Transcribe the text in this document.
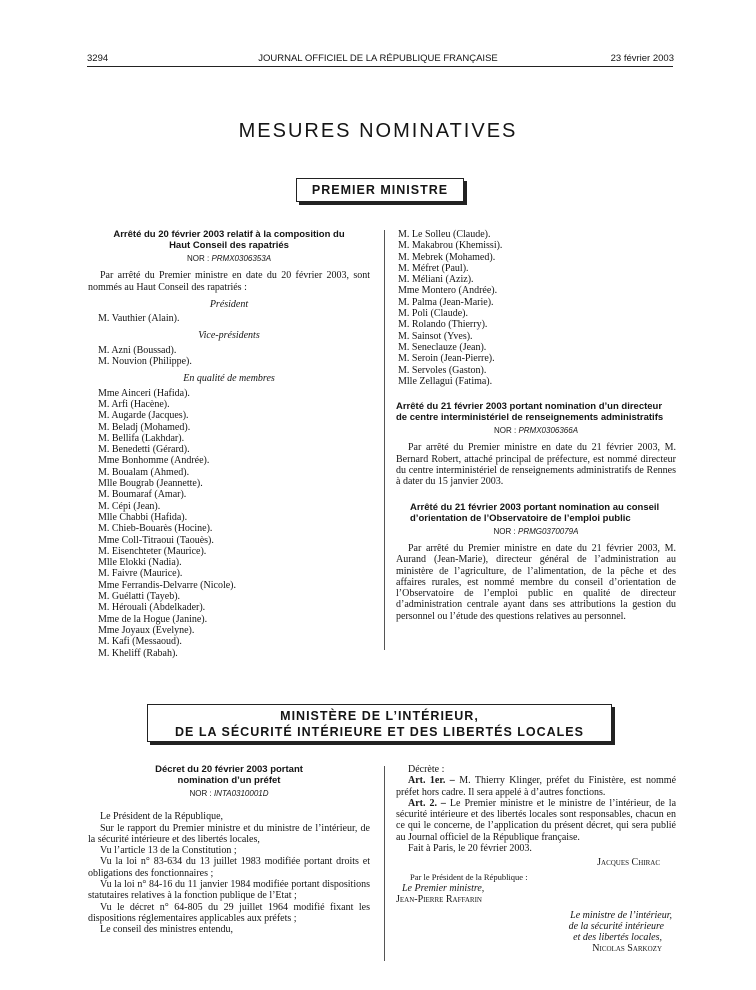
3294	JOURNAL OFFICIEL DE LA RÉPUBLIQUE FRANÇAISE	23 février 2003
MESURES NOMINATIVES
PREMIER MINISTRE
Arrêté du 20 février 2003 relatif à la composition du Haut Conseil des rapatriés
NOR : PRMX0306353A

Par arrêté du Premier ministre en date du 20 février 2003, sont nommés au Haut Conseil des rapatriés :

Président
M. Vauthier (Alain).
Vice-présidents
M. Azni (Boussad).
M. Nouvion (Philippe).
En qualité de membres
Mme Ainceri (Hafida).
M. Arfi (Hacène).
M. Augarde (Jacques).
M. Beladj (Mohamed).
M. Bellifa (Lakhdar).
M. Benedetti (Gérard).
Mme Bonhomme (Andrée).
M. Boualam (Ahmed).
Mlle Bougrab (Jeannette).
M. Boumaraf (Amar).
M. Cépi (Jean).
Mlle Chabbi (Hafida).
M. Chieb-Bouarès (Hocine).
Mme Coll-Titraoui (Taouès).
M. Eisenchteter (Maurice).
Mlle Elokki (Nadia).
M. Faivre (Maurice).
Mme Ferrandis-Delvarre (Nicole).
M. Guélatti (Tayeb).
M. Hérouali (Abdelkader).
Mme de la Hogue (Janine).
Mme Joyaux (Evelyne).
M. Kafi (Messaoud).
M. Kheliff (Rabah).
M. Le Solleu (Claude).
M. Makabrou (Khemissi).
M. Mebrek (Mohamed).
M. Méfret (Paul).
M. Méliani (Aziz).
Mme Montero (Andrée).
M. Palma (Jean-Marie).
M. Poli (Claude).
M. Rolando (Thierry).
M. Sainsot (Yves).
M. Seneclauze (Jean).
M. Seroin (Jean-Pierre).
M. Servoles (Gaston).
Mlle Zellagui (Fatima).
Arrêté du 21 février 2003 portant nomination d’un directeur de centre interministériel de renseignements administratifs
NOR : PRMX0306366A

Par arrêté du Premier ministre en date du 21 février 2003, M. Bernard Robert, attaché principal de préfecture, est nommé directeur du centre interministériel de renseignements administratifs de Rennes à dater du 15 janvier 2003.

Arrêté du 21 février 2003 portant nomination au conseil d’orientation de l’Observatoire de l’emploi public
NOR : PRMG0370079A

Par arrêté du Premier ministre en date du 21 février 2003, M. Aurand (Jean-Marie), directeur général de l’administration au ministère de l’agriculture, de l’alimentation, de la pêche et des affaires rurales, est nommé membre du conseil d’orientation de l’Observatoire de l’emploi public en qualité de directeur d’administration centrale ayant dans ses attributions la gestion du personnel ou l’étude des questions relatives au personnel.

MINISTÈRE DE L’INTÉRIEUR,
DE LA SÉCURITÉ INTÉRIEURE ET DES LIBERTÉS LOCALES
Décret du 20 février 2003 portant nomination d’un préfet
NOR : INTA0310001D

Le Président de la République,

Sur le rapport du Premier ministre et du ministre de l’intérieur, de la sécurité intérieure et des libertés locales,

Vu l’article 13 de la Constitution ;

Vu la loi n° 83-634 du 13 juillet 1983 modifiée portant droits et obligations des fonctionnaires ;

Vu la loi n° 84-16 du 11 janvier 1984 modifiée portant dispositions statutaires relatives à la fonction publique de l’Etat ;

Vu le décret n° 64-805 du 29 juillet 1964 modifié fixant les dispositions réglementaires applicables aux préfets ;

Le conseil des ministres entendu,

Décrète :

Art. 1er. – M. Thierry Klinger, préfet du Finistère, est nommé préfet hors cadre. Il sera appelé à d’autres fonctions.

Art. 2. – Le Premier ministre et le ministre de l’intérieur, de la sécurité intérieure et des libertés locales sont responsables, chacun en ce qui le concerne, de l’application du présent décret, qui sera publié au Journal officiel de la République française.

Fait à Paris, le 20 février 2003.

Jacques Chirac
Par le Président de la République :
Le Premier ministre,
Jean-Pierre Raffarin
Le ministre de l’intérieur,
de la sécurité intérieure
et des libertés locales,
Nicolas Sarkozy
